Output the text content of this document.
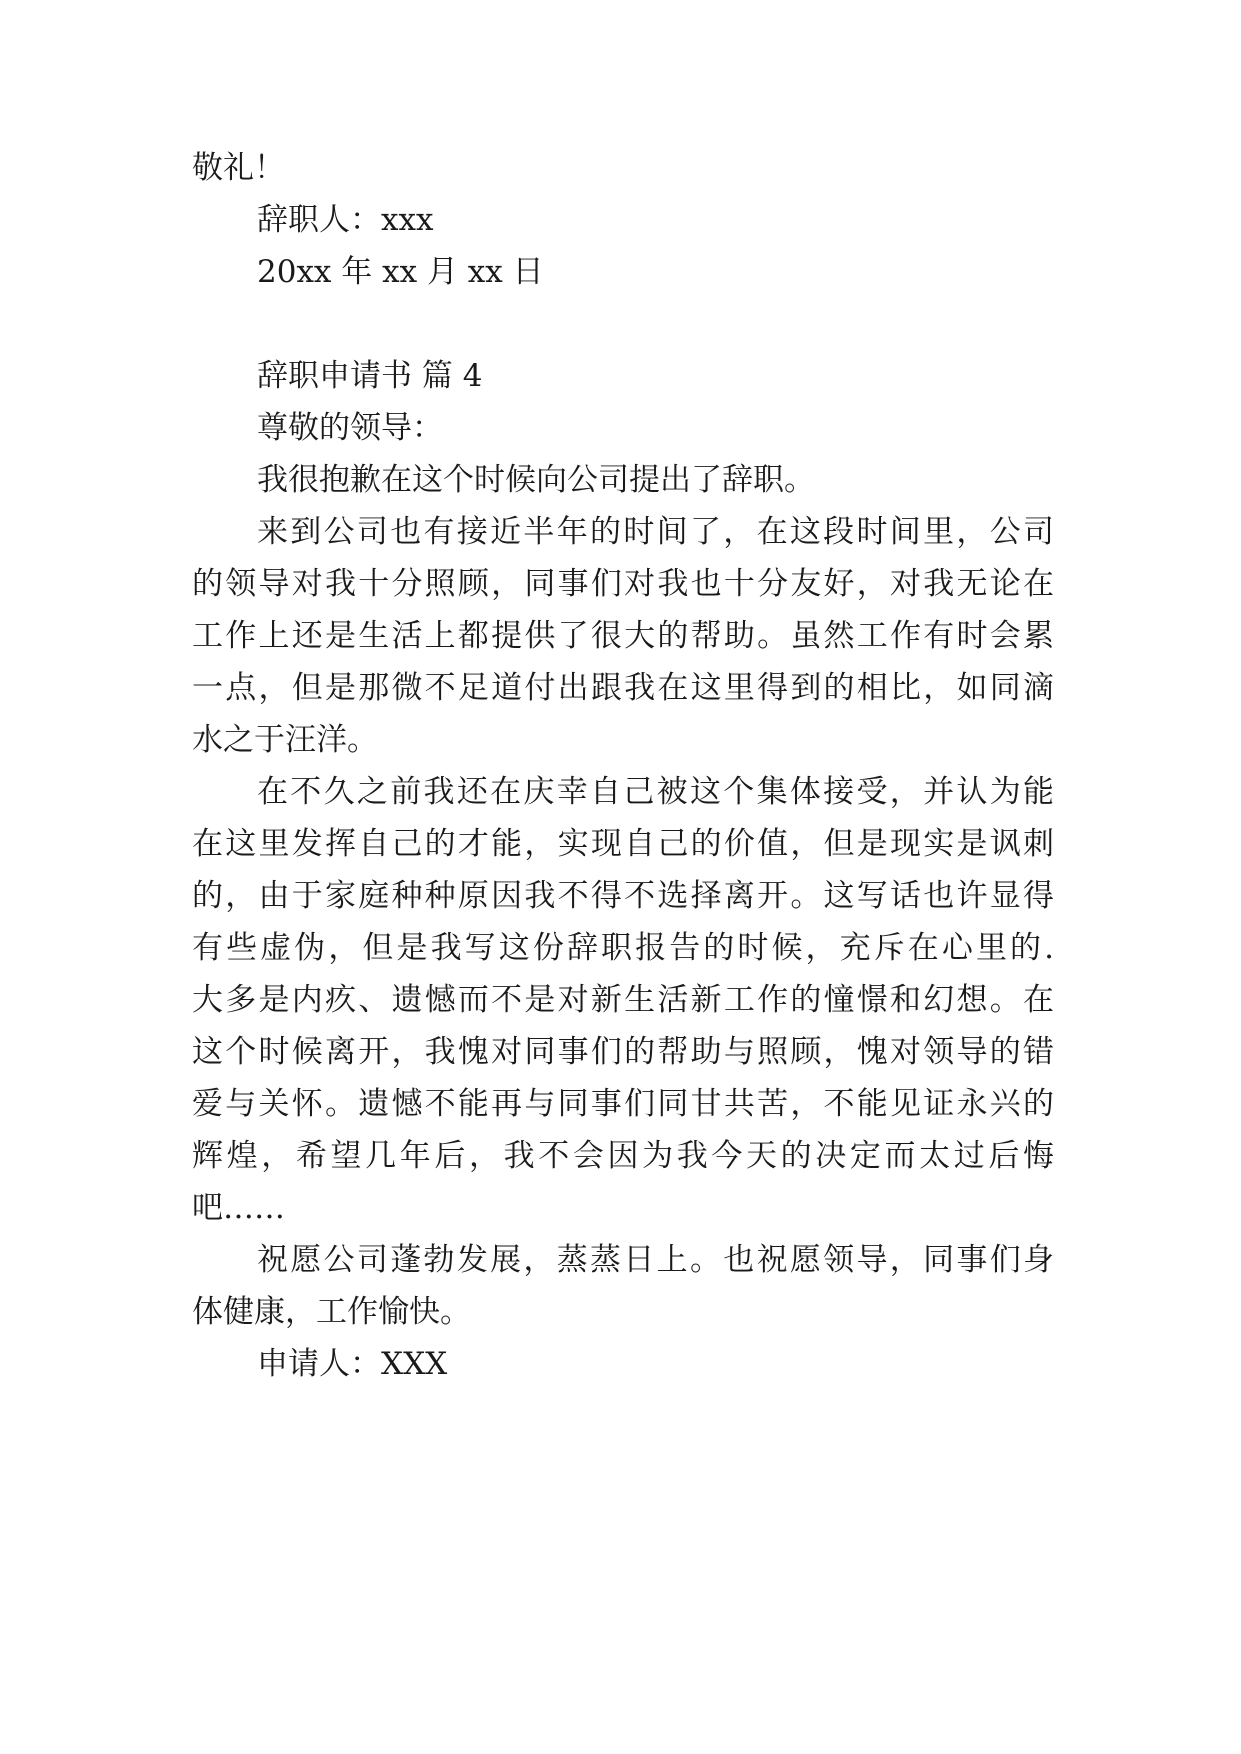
敬礼！
辞职人：xxx
20xx 年 xx 月 xx 日
辞职申请书 篇 4
尊敬的领导：
我很抱歉在这个时候向公司提出了辞职。
来到公司也有接近半年的时间了，在这段时间里，公司
的领导对我十分照顾，同事们对我也十分友好，对我无论在
工作上还是生活上都提供了很大的帮助。虽然工作有时会累
一点，但是那微不足道付出跟我在这里得到的相比，如同滴
水之于汪洋。
在不久之前我还在庆幸自己被这个集体接受，并认为能
在这里发挥自己的才能，实现自己的价值，但是现实是讽刺
的，由于家庭种种原因我不得不选择离开。这写话也许显得
有些虚伪，但是我写这份辞职报告的时候，充斥在心里的.
大多是内疚、遗憾而不是对新生活新工作的憧憬和幻想。在
这个时候离开，我愧对同事们的帮助与照顾，愧对领导的错
爱与关怀。遗憾不能再与同事们同甘共苦，不能见证永兴的
辉煌，希望几年后，我不会因为我今天的决定而太过后悔
吧……
祝愿公司蓬勃发展，蒸蒸日上。也祝愿领导，同事们身
体健康，工作愉快。
申请人：XXX
